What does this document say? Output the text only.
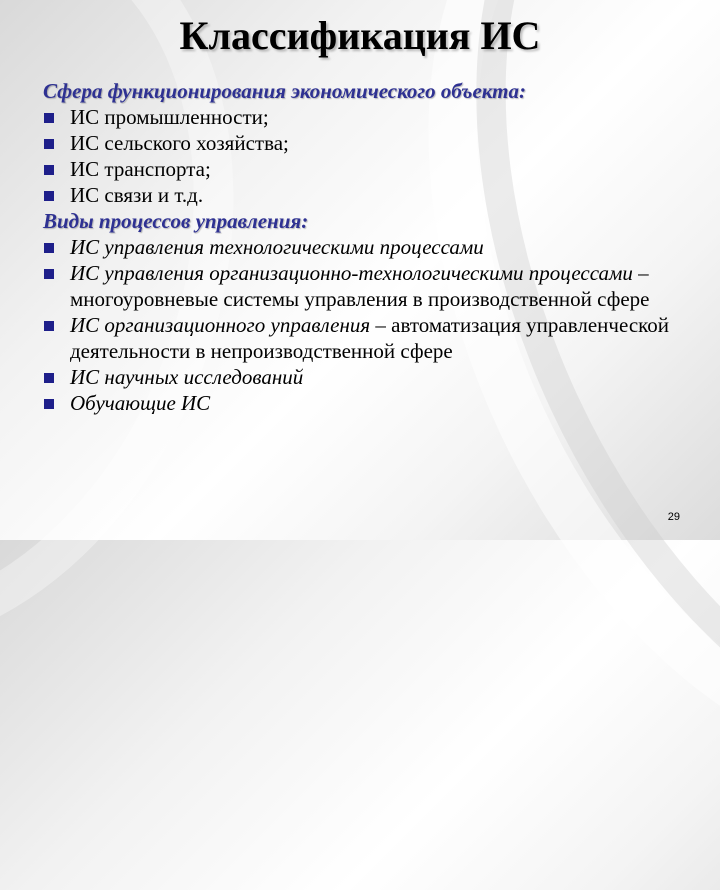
Классификация ИС
Сфера функционирования экономического объекта:
ИС промышленности;
ИС сельского хозяйства;
ИС транспорта;
ИС связи и т.д.
Виды процессов управления:
ИС управления технологическими процессами
ИС управления организационно-технологическими процессами – многоуровневые системы управления в производственной сфере
ИС организационного управления – автоматизация управленческой деятельности в непроизводственной сфере
ИС научных исследований
Обучающие ИС
29
